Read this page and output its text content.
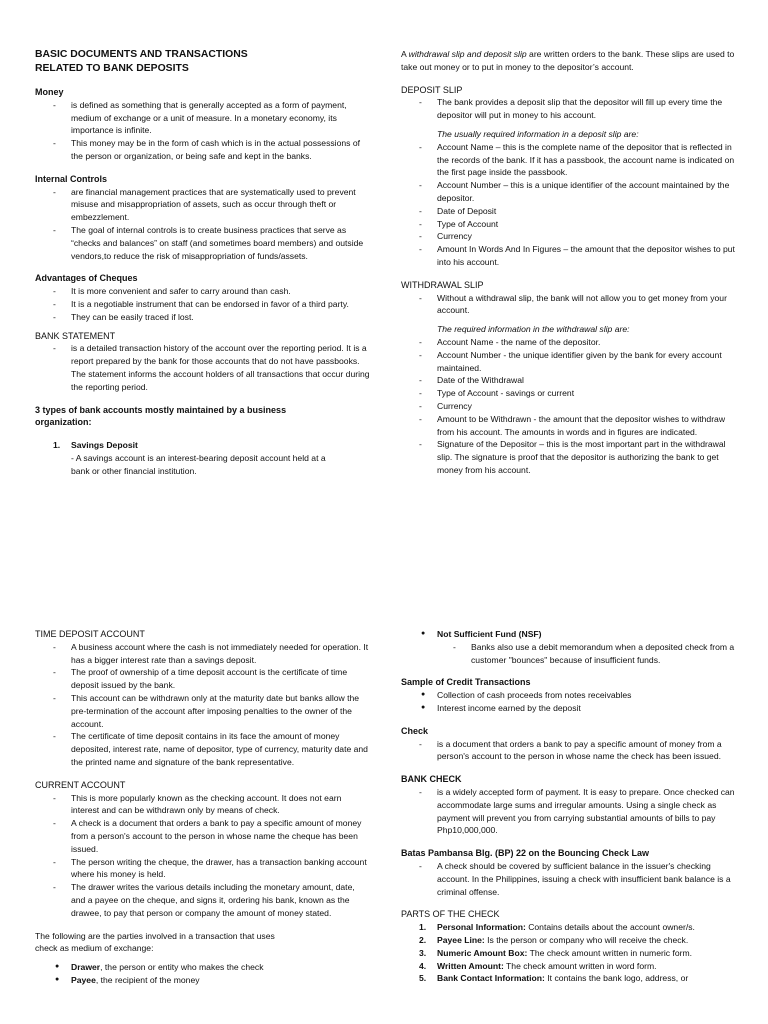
BASIC DOCUMENTS AND TRANSACTIONS
RELATED TO BANK DEPOSITS
Money
- is defined as something that is generally accepted as a form of payment, medium of exchange or a unit of measure. In a monetary economy, its importance is infinite.
- This money may be in the form of cash which is in the actual possessions of the person or organization, or being safe and kept in the banks.
Internal Controls
- are financial management practices that are systematically used to prevent misuse and misappropriation of assets, such as occur through theft or embezzlement.
- The goal of internal controls is to create business practices that serve as “checks and balances” on staff (and sometimes board members) and outside vendors,to reduce the risk of misappropriation of funds/assets.
Advantages of Cheques
- It is more convenient and safer to carry around than cash.
- It is a negotiable instrument that can be endorsed in favor of a third party.
- They can be easily traced if lost.
BANK STATEMENT
- is a detailed transaction history of the account over the reporting period. It is a report prepared by the bank for those accounts that do not have passbooks. The statement informs the account holders of all transactions that occur during the reporting period.
3 types of bank accounts mostly maintained by a business organization:
1. Savings Deposit
- A savings account is an interest-bearing deposit account held at a bank or other financial institution.
A withdrawal slip and deposit slip are written orders to the bank. These slips are used to take out money or to put in money to the depositor’s account.
DEPOSIT SLIP
- The bank provides a deposit slip that the depositor will fill up every time the depositor will put in money to his account.
The usually required information in a deposit slip are:
- Account Name – this is the complete name of the depositor that is reflected in the records of the bank. If it has a passbook, the account name is indicated on the first page inside the passbook.
- Account Number – this is a unique identifier of the account maintained by the depositor.
- Date of Deposit
- Type of Account
- Currency
- Amount In Words And In Figures – the amount that the depositor wishes to put into his account.
WITHDRAWAL SLIP
- Without a withdrawal slip, the bank will not allow you to get money from your account.
The required information in the withdrawal slip are:
- Account Name - the name of the depositor.
- Account Number - the unique identifier given by the bank for every account maintained.
- Date of the Withdrawal
- Type of Account - savings or current
- Currency
- Amount to be Withdrawn - the amount that the depositor wishes to withdraw from his account. The amounts in words and in figures are indicated.
- Signature of the Depositor – this is the most important part in the withdrawal slip. The signature is proof that the depositor is authorizing the bank to get money from his account.
TIME DEPOSIT ACCOUNT
- A business account where the cash is not immediately needed for operation. It has a bigger interest rate than a savings deposit.
- The proof of ownership of a time deposit account is the certificate of time deposit issued by the bank.
- This account can be withdrawn only at the maturity date but banks allow the pre-termination of the account after imposing penalties to the owner of the account.
- The certificate of time deposit contains in its face the amount of money deposited, interest rate, name of depositor, type of currency, maturity date and the printed name and signature of the bank representative.
CURRENT ACCOUNT
- This is more popularly known as the checking account. It does not earn interest and can be withdrawn only by means of check.
- A check is a document that orders a bank to pay a specific amount of money from a person's account to the person in whose name the cheque has been issued.
- The person writing the cheque, the drawer, has a transaction banking account where his money is held.
- The drawer writes the various details including the monetary amount, date, and a payee on the cheque, and signs it, ordering his bank, known as the drawee, to pay that person or company the amount of money stated.
The following are the parties involved in a transaction that uses check as medium of exchange:
● Drawer, the person or entity who makes the check
● Payee, the recipient of the money
● Not Sufficient Fund (NSF)
- Banks also use a debit memorandum when a deposited check from a customer "bounces" because of insufficient funds.
Sample of Credit Transactions
● Collection of cash proceeds from notes receivables
● Interest income earned by the deposit
Check
- is a document that orders a bank to pay a specific amount of money from a person's account to the person in whose name the check has been issued.
BANK CHECK
- is a widely accepted form of payment. It is easy to prepare. Once checked can accommodate large sums and irregular amounts. Using a single check as payment will prevent you from carrying substantial amounts of bills to pay Php10,000,000.
Batas Pambansa Blg. (BP) 22 on the Bouncing Check Law
- A check should be covered by sufficient balance in the issuer's checking account. In the Philippines, issuing a check with insufficient bank balance is a criminal offense.
PARTS OF THE CHECK
1. Personal Information: Contains details about the account owner/s.
2. Payee Line: Is the person or company who will receive the check.
3. Numeric Amount Box: The check amount written in numeric form.
4. Written Amount: The check amount written in word form.
5. Bank Contact Information: It contains the bank logo, address, or
